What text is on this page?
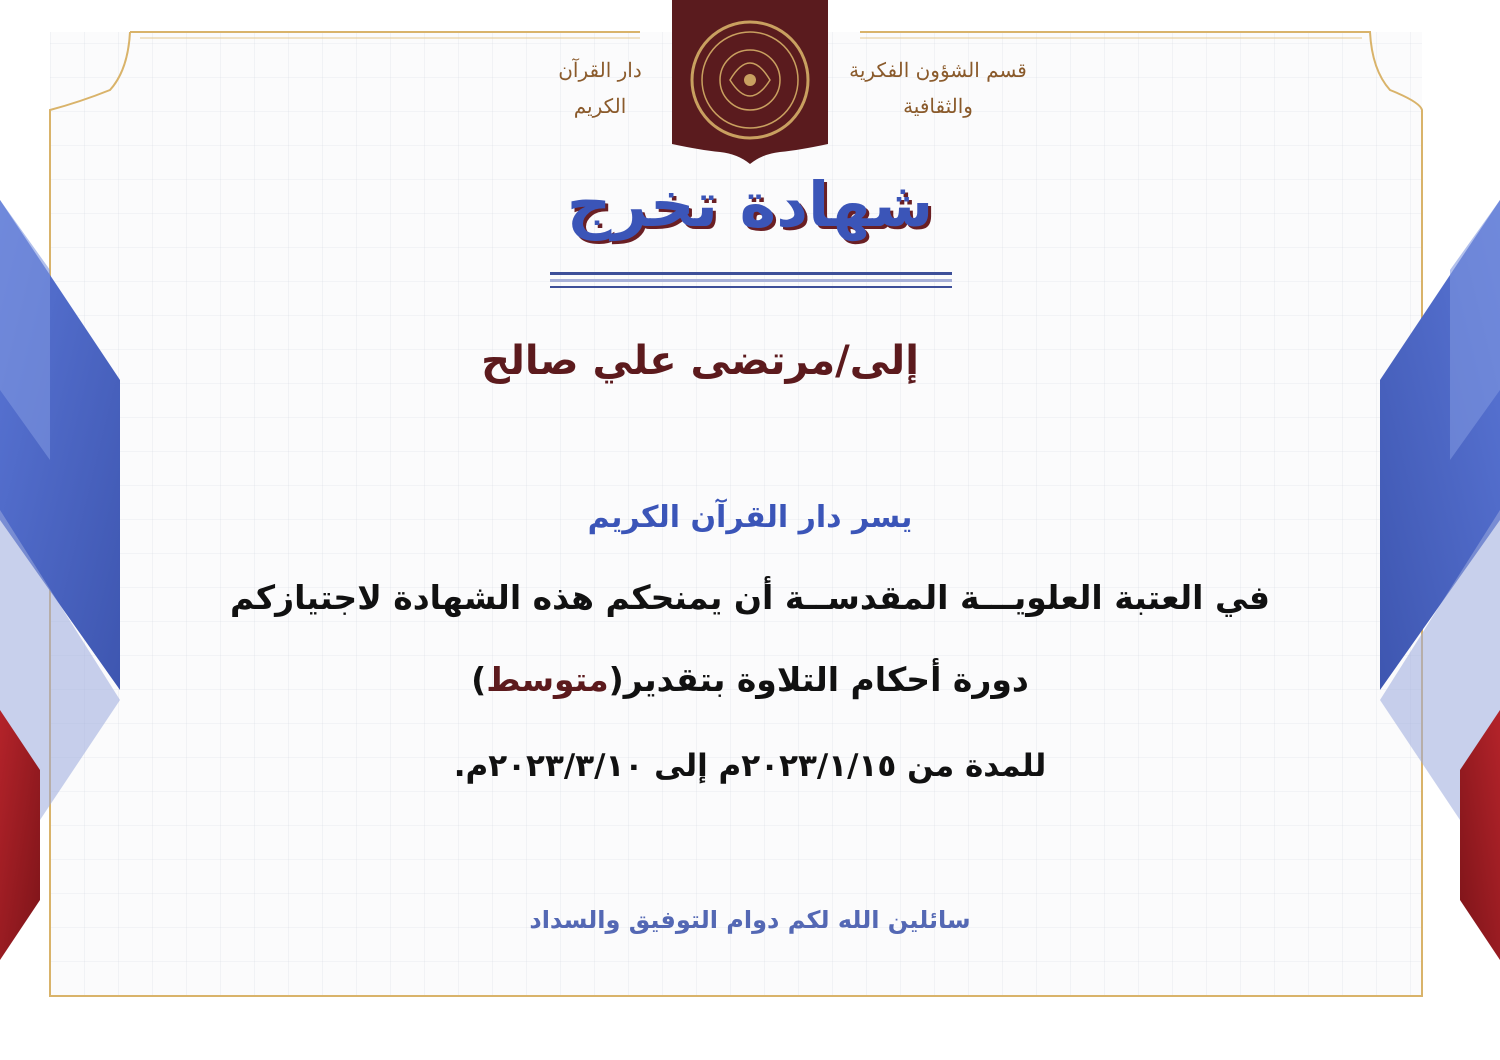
دار القرآن الكريم
قسم الشؤون الفكرية والثقافية
شهادة تخرج
إلى/مرتضى علي صالح
يسر دار القرآن الكريم
في العتبة العلويـــة المقدســة أن يمنحكم هذه الشهادة لاجتيازكم
دورة أحكام التلاوة بتقدير(متوسط)
للمدة من ٢٠٢٣/١/١٥م إلى ٢٠٢٣/٣/١٠م.
سائلين الله لكم دوام التوفيق والسداد
